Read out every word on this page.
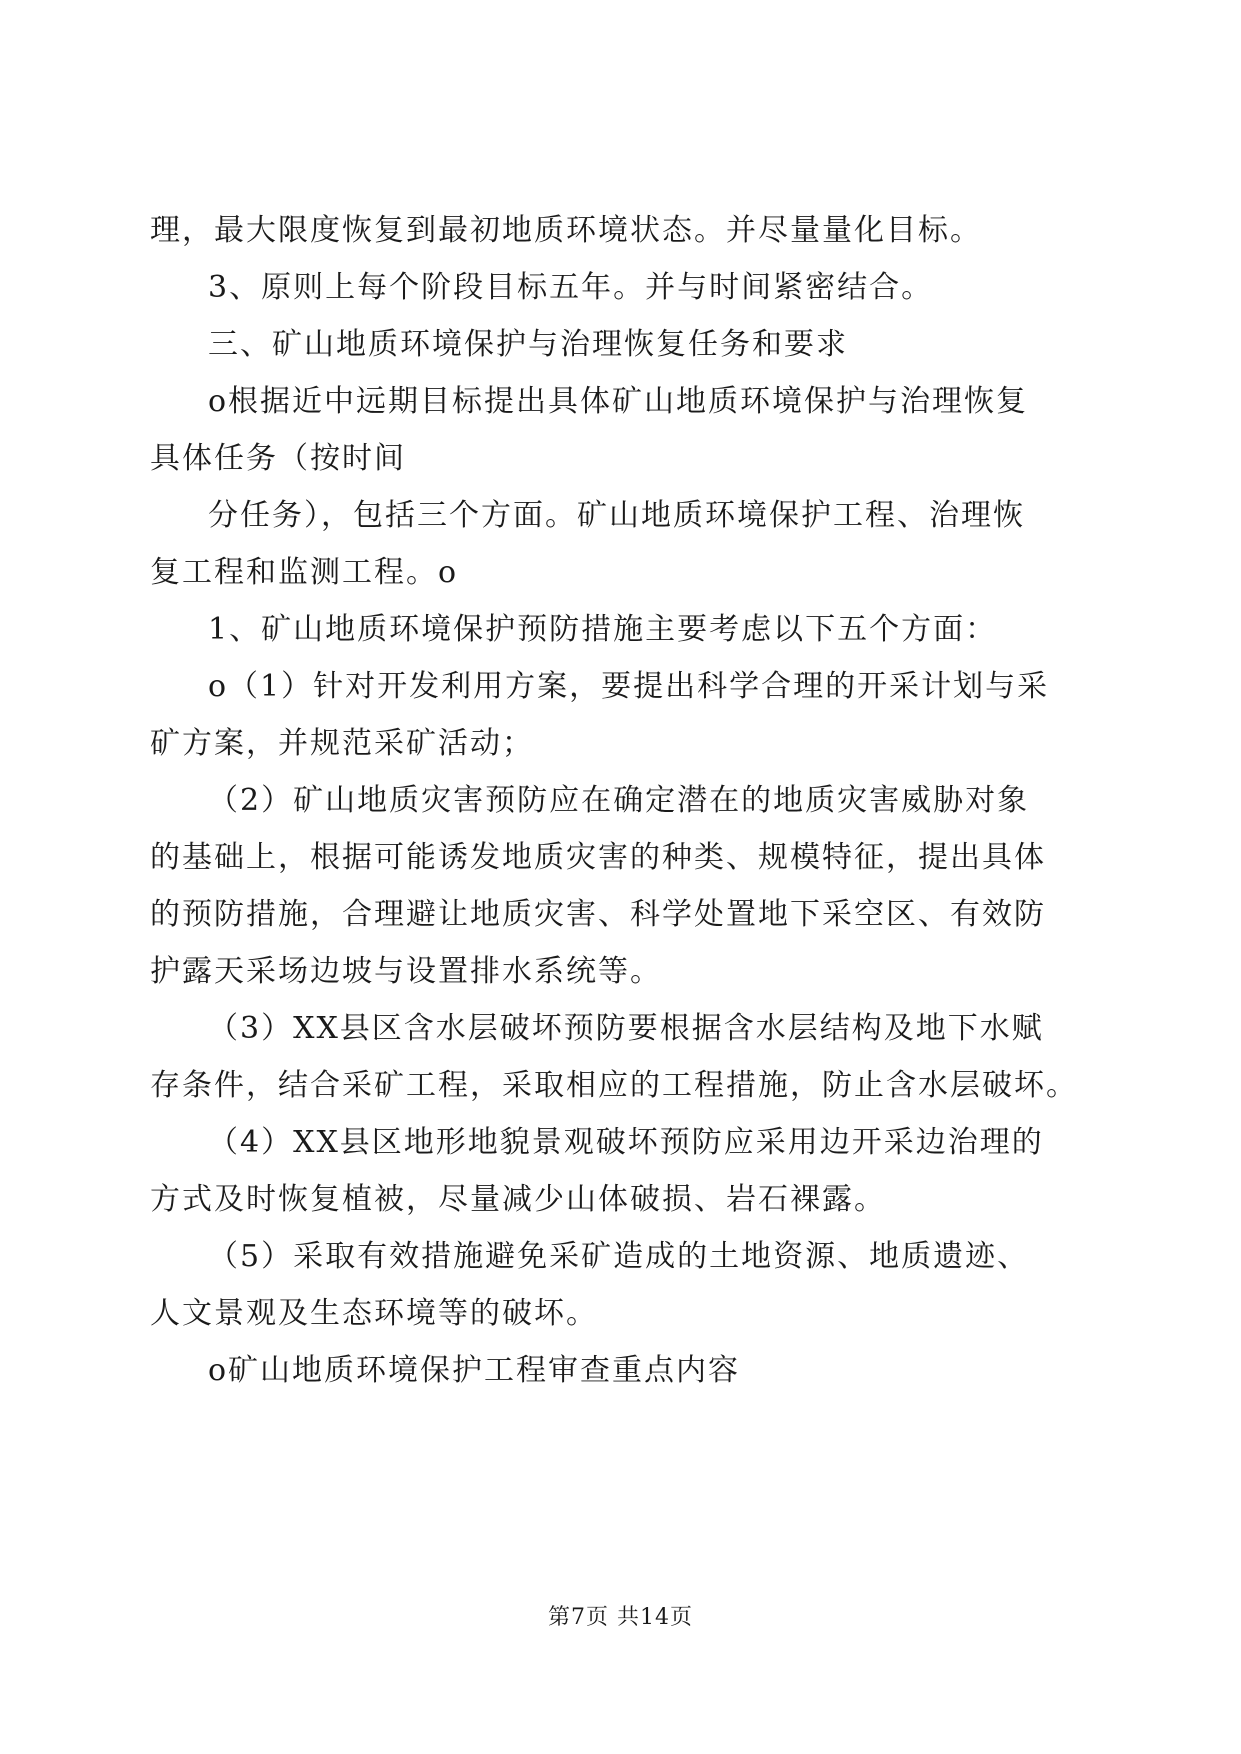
理，最大限度恢复到最初地质环境状态。并尽量量化目标。
3、原则上每个阶段目标五年。并与时间紧密结合。
三、矿山地质环境保护与治理恢复任务和要求
o根据近中远期目标提出具体矿山地质环境保护与治理恢复
具体任务（按时间
分任务），包括三个方面。矿山地质环境保护工程、治理恢
复工程和监测工程。o
1、矿山地质环境保护预防措施主要考虑以下五个方面：
o（1）针对开发利用方案，要提出科学合理的开采计划与采
矿方案，并规范采矿活动；
（2）矿山地质灾害预防应在确定潜在的地质灾害威胁对象
的基础上，根据可能诱发地质灾害的种类、规模特征，提出具体
的预防措施，合理避让地质灾害、科学处置地下采空区、有效防
护露天采场边坡与设置排水系统等。
（3）XX县区含水层破坏预防要根据含水层结构及地下水赋
存条件，结合采矿工程，采取相应的工程措施，防止含水层破坏。
（4）XX县区地形地貌景观破坏预防应采用边开采边治理的
方式及时恢复植被，尽量减少山体破损、岩石裸露。
（5）采取有效措施避免采矿造成的土地资源、地质遗迹、
人文景观及生态环境等的破坏。
o矿山地质环境保护工程审查重点内容
第7页 共14页
